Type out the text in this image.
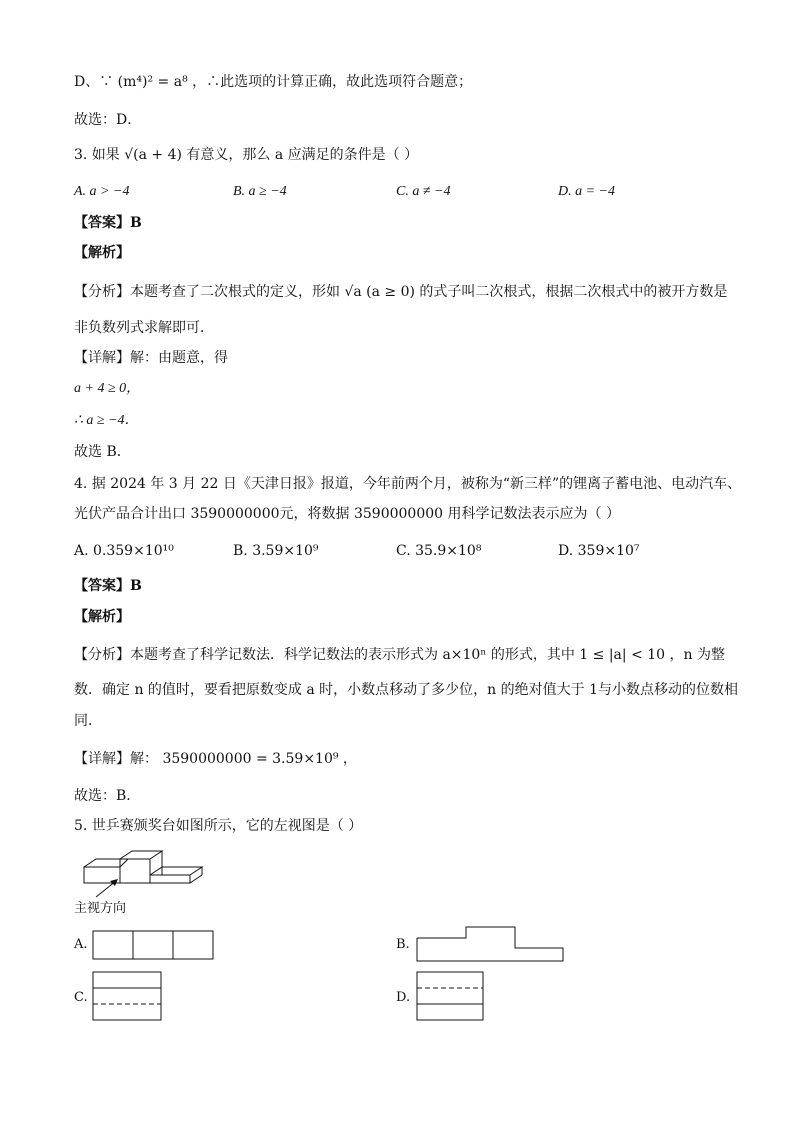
D、∵ (m⁴)² = a⁸ ，∴此选项的计算正确，故此选项符合题意；
故选：D．
3. 如果 √(a + 4) 有意义，那么 a 应满足的条件是（ ）
A. a > −4	B. a ≥ −4	C. a ≠ −4	D. a = −4
【答案】B
【解析】
【分析】本题考查了二次根式的定义，形如 √a (a ≥ 0) 的式子叫二次根式，根据二次根式中的被开方数是
非负数列式求解即可．
【详解】解：由题意，得
a + 4 ≥ 0，
∴ a ≥ −4．
故选 B．
4. 据 2024 年 3 月 22 日《天津日报》报道，今年前两个月，被称为“新三样”的锂离子蓄电池、电动汽车、
光伏产品合计出口 3590000000元，将数据 3590000000 用科学记数法表示应为（ ）
A. 0.359×10¹⁰	B. 3.59×10⁹	C. 35.9×10⁸	D. 359×10⁷
【答案】B
【解析】
【分析】本题考查了科学记数法．科学记数法的表示形式为 a×10ⁿ 的形式，其中 1 ≤ |a| < 10 ，n 为整
数．确定 n 的值时，要看把原数变成 a 时，小数点移动了多少位，n 的绝对值大于 1与小数点移动的位数相
同．
【详解】解： 3590000000 = 3.59×10⁹ ，
故选：B．
5. 世乒赛颁奖台如图所示，它的左视图是（ ）
主视方向
A.	B.
C.	D.
